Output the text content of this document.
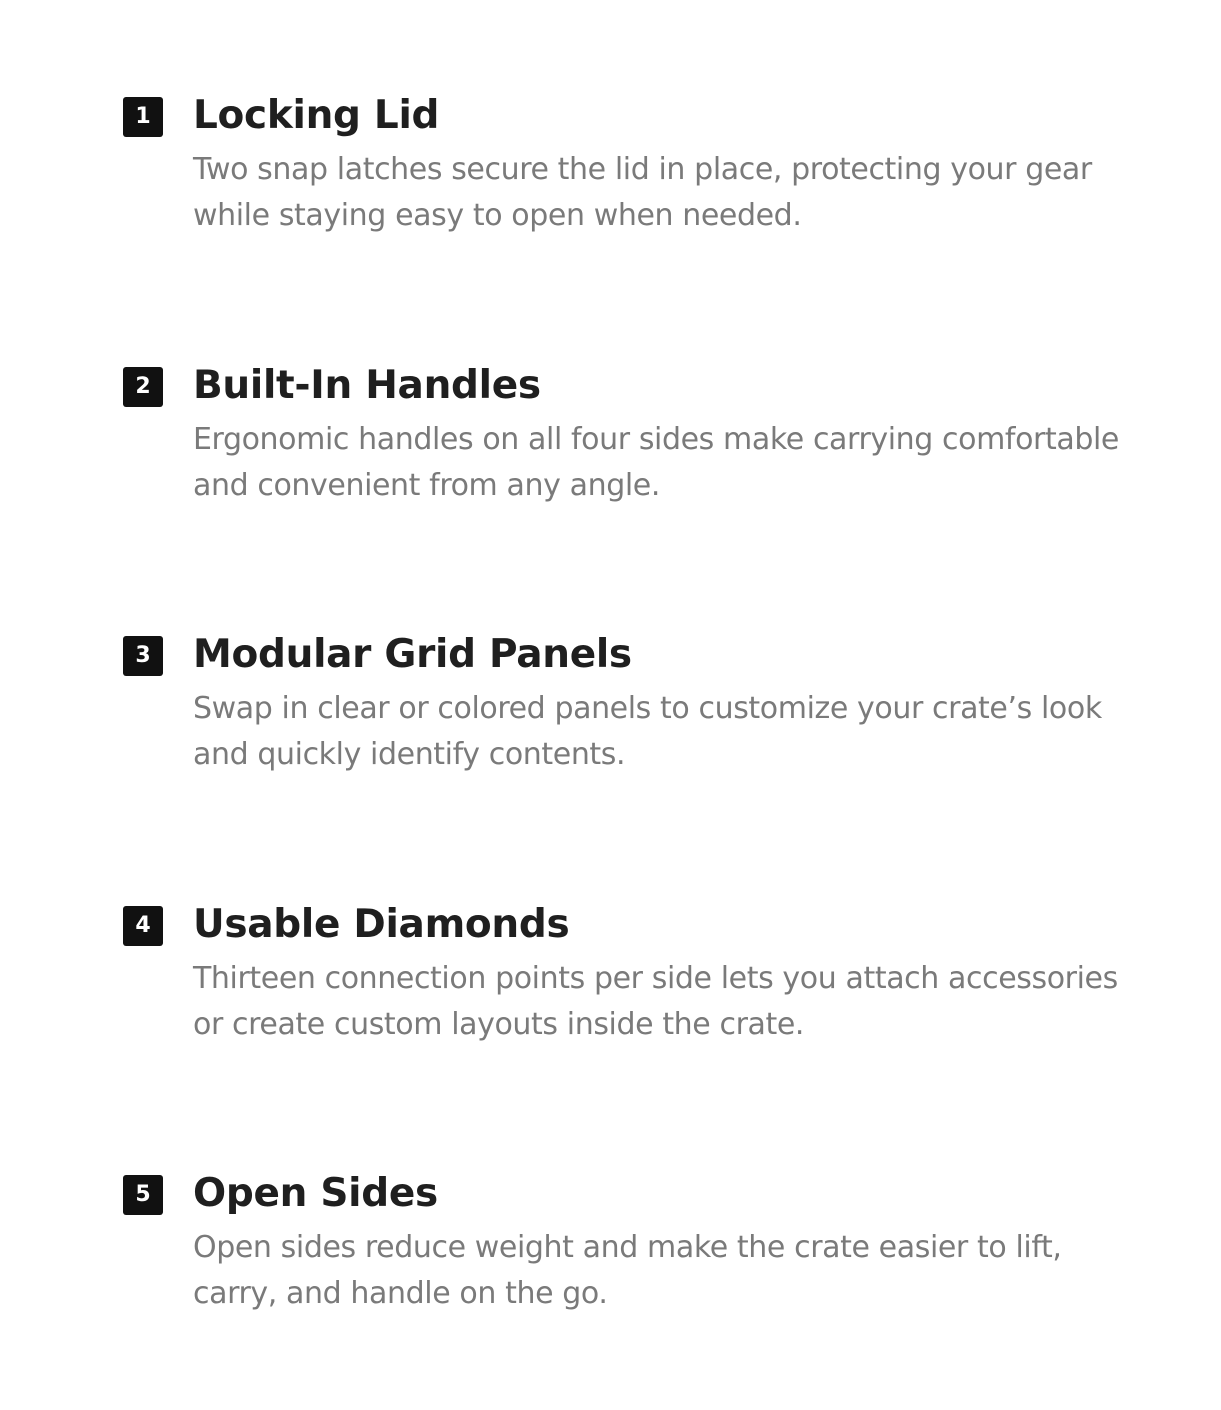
1	Locking Lid

Two snap latches secure the lid in place, protecting your gear while staying easy to open when needed.

2	Built-In Handles

Ergonomic handles on all four sides make carrying comfortable and convenient from any angle.

3	Modular Grid Panels

Swap in clear or colored panels to customize your crate’s look and quickly identify contents.

4	Usable Diamonds

Thirteen connection points per side lets you attach accessories or create custom layouts inside the crate.

5	Open Sides

Open sides reduce weight and make the crate easier to lift, carry, and handle on the go.
